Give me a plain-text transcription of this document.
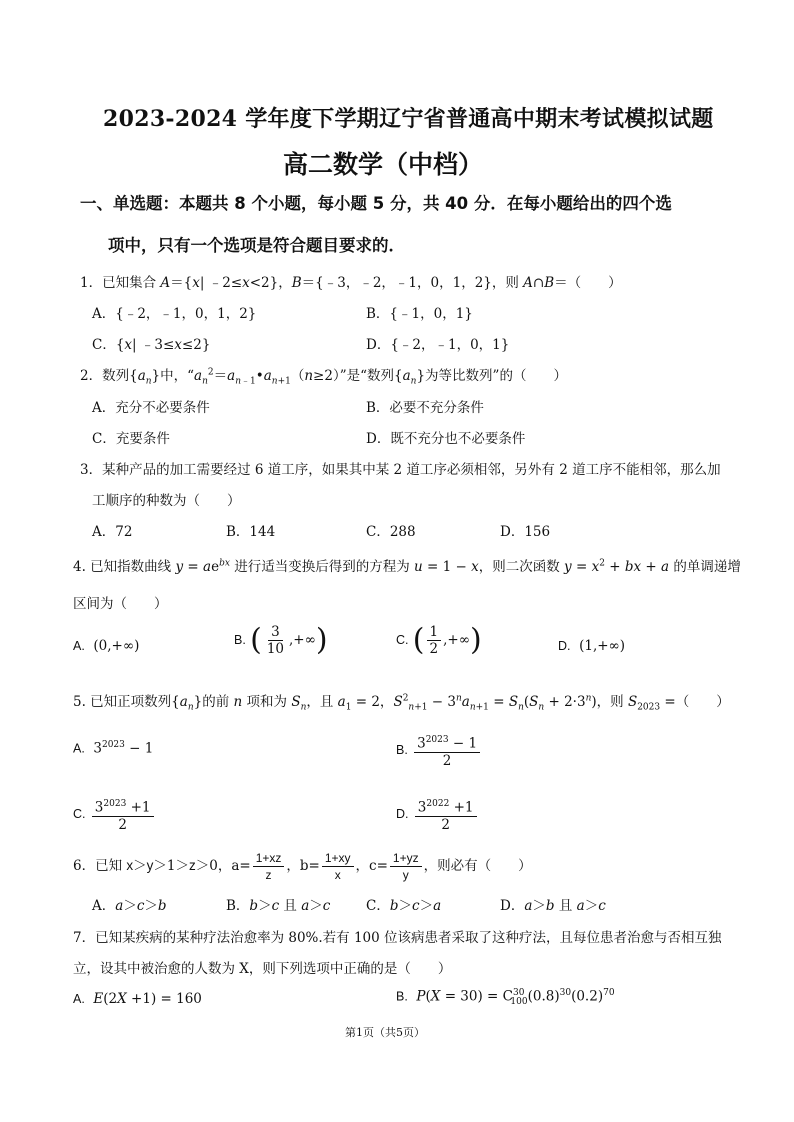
2023-2024 学年度下学期辽宁省普通高中期末考试模拟试题
高二数学（中档）
一、单选题：本题共 8 个小题，每小题 5 分，共 40 分．在每小题给出的四个选
项中，只有一个选项是符合题目要求的．
1．已知集合 A＝{x| ﹣2≤x<2}，B＝{﹣3，﹣2，﹣1，0，1，2}，则 A∩B＝（　　）
A．{﹣2，﹣1，0，1，2}	B．{﹣1，0，1}
C．{x| ﹣3≤x≤2}	D．{﹣2，﹣1，0，1}
2．数列$\{a_n\}$中，“$a_n^2=a_{n﹣1}•a_{n+1}(n\ge 2)$”是“数列$\{a_n\}$为等比数列”的（　　）
A．充分不必要条件	B．必要不充分条件
C．充要条件	D．既不充分也不必要条件
3．某种产品的加工需要经过 6 道工序，如果其中某 2 道工序必须相邻，另外有 2 道工序不能相邻，那么加
工顺序的种数为（　　）
A．72	B．144	C．288	D．156
4. 已知指数曲线 $y = ae^{bx}$ 进行适当变换后得到的方程为 u = 1 − x，则二次函数 $y = x^2$ + bx + a 的单调递增
区间为（　　）
A.  (0,+∞)	B. ( $\frac{3}{10}$ ,+∞)	C. ( $\frac{1}{2}$ ,+∞)	D.  (1,+∞)
5. 已知正项数列$\{a_n\}$的前 n 项和为 $S_n$，且 $a_1 = 2$，$S^2_{n+1} - 3^na_{n+1} = S_n(S_n + 2\cdot 3^n)$，则 $S_{2023}$ =（　　）
A.  $3^{2023} - 1$	B. $\frac{3^{2023} - 1}{2}$
C. $\frac{3^{2023} +1}{2}$	D. $\frac{3^{2022} +1}{2}$
6．已知 x＞y＞1＞z＞0，$a= \frac{1+xz}{z}$ ，$b= \frac{1+xy}{x}$ ，$c= \frac{1+yz}{y}$ ，则必有（　　）
A．a＞c＞b	B．b＞c 且 a＞c	C．b＞c＞a	D．a＞b 且 a＞c
7．已知某疾病的某种疗法治愈率为 80%.若有 100 位该病患者采取了这种疗法，且每位患者治愈与否相互独
立，设其中被治愈的人数为 X，则下列选项中正确的是（　　）
A. E(2X +1) = 160	B. $P(X = 30) = C^{30}_{100}(0.8)^{30}(0.2)^{70}$
第1页（共5页）
